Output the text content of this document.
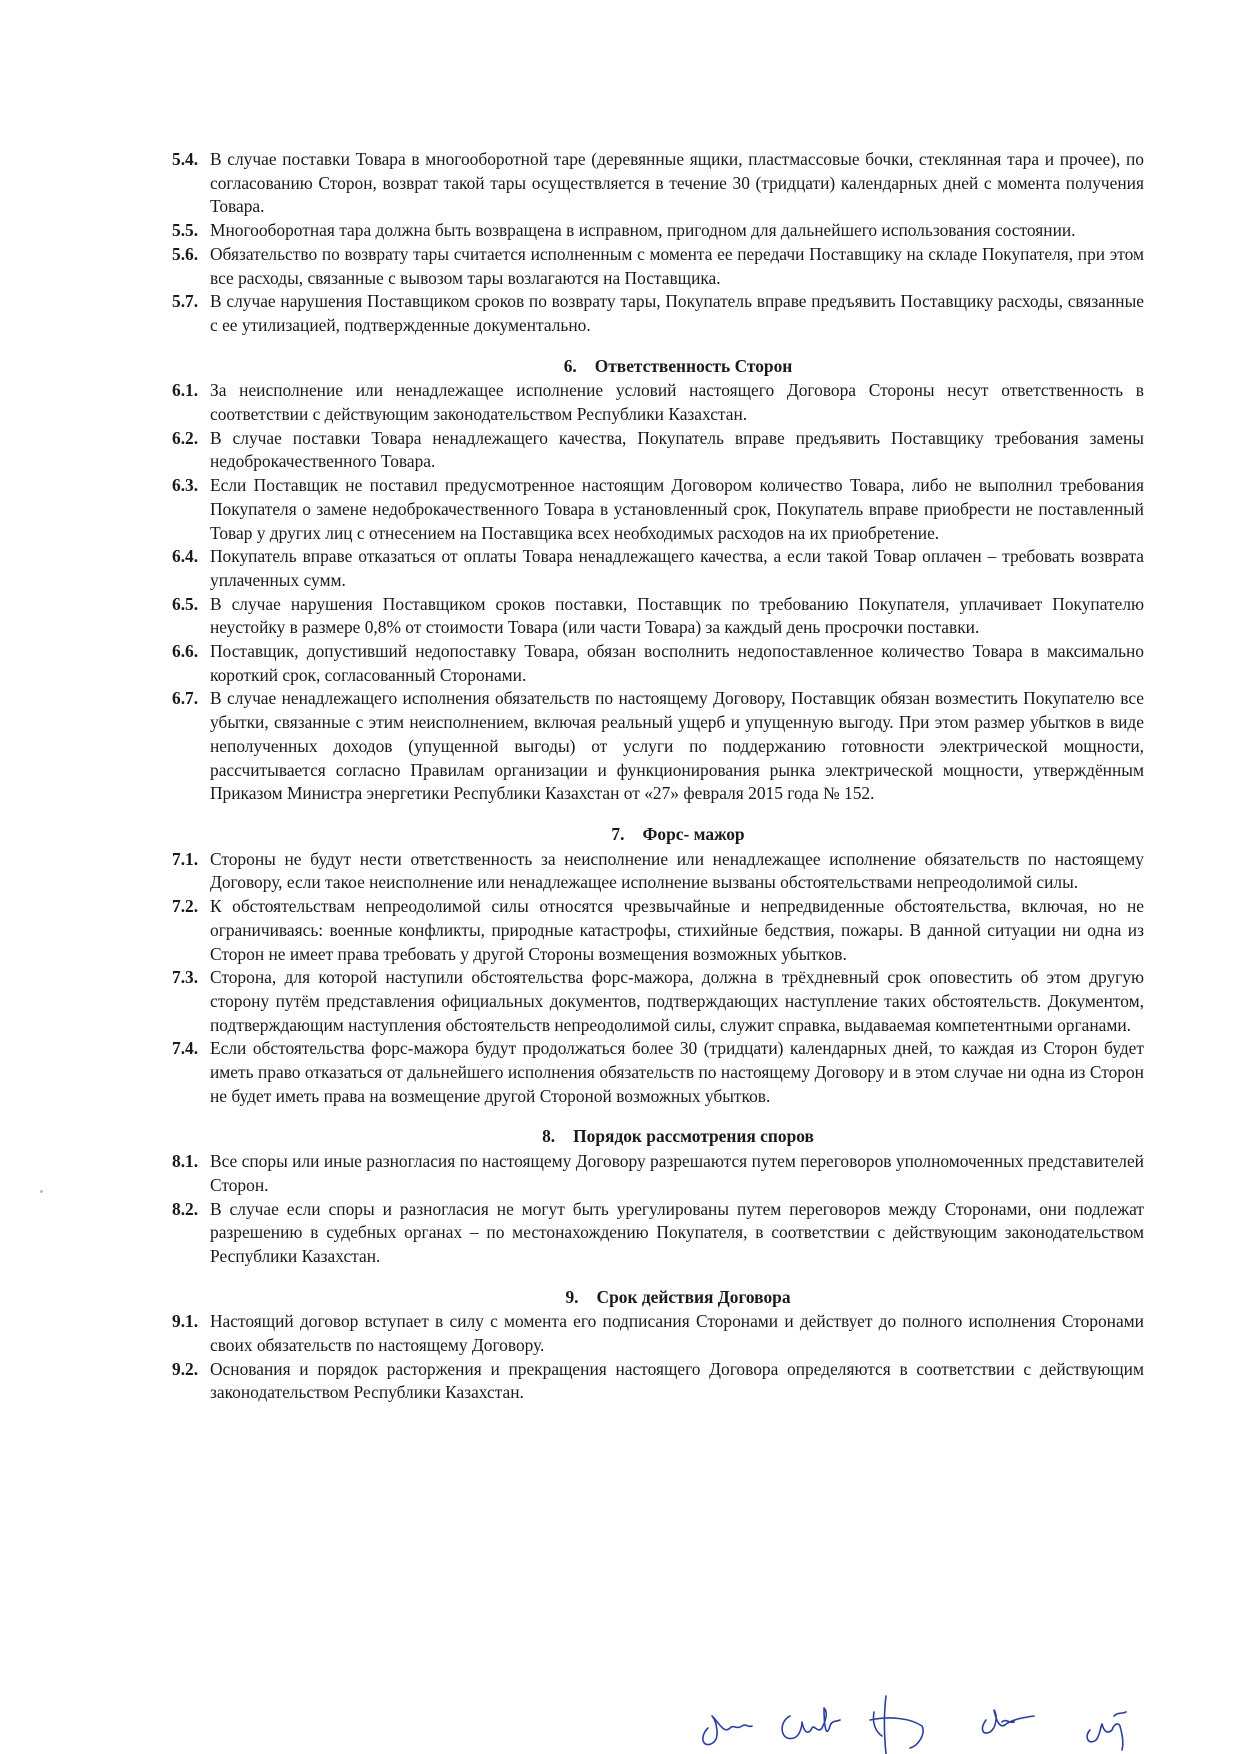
5.4. В случае поставки Товара в многооборотной таре (деревянные ящики, пластмассовые бочки, стеклянная тара и прочее), по согласованию Сторон, возврат такой тары осуществляется в течение 30 (тридцати) календарных дней с момента получения Товара.
5.5. Многооборотная тара должна быть возвращена в исправном, пригодном для дальнейшего использования состоянии.
5.6. Обязательство по возврату тары считается исполненным с момента ее передачи Поставщику на складе Покупателя, при этом все расходы, связанные с вывозом тары возлагаются на Поставщика.
5.7. В случае нарушения Поставщиком сроков по возврату тары, Покупатель вправе предъявить Поставщику расходы, связанные с ее утилизацией, подтвержденные документально.
6. Ответственность Сторон
6.1. За неисполнение или ненадлежащее исполнение условий настоящего Договора Стороны несут ответственность в соответствии с действующим законодательством Республики Казахстан.
6.2. В случае поставки Товара ненадлежащего качества, Покупатель вправе предъявить Поставщику требования замены недоброкачественного Товара.
6.3. Если Поставщик не поставил предусмотренное настоящим Договором количество Товара, либо не выполнил требования Покупателя о замене недоброкачественного Товара в установленный срок, Покупатель вправе приобрести не поставленный Товар у других лиц с отнесением на Поставщика всех необходимых расходов на их приобретение.
6.4. Покупатель вправе отказаться от оплаты Товара ненадлежащего качества, а если такой Товар оплачен – требовать возврата уплаченных сумм.
6.5. В случае нарушения Поставщиком сроков поставки, Поставщик по требованию Покупателя, уплачивает Покупателю неустойку в размере 0,8% от стоимости Товара (или части Товара) за каждый день просрочки поставки.
6.6. Поставщик, допустивший недопоставку Товара, обязан восполнить недопоставленное количество Товара в максимально короткий срок, согласованный Сторонами.
6.7. В случае ненадлежащего исполнения обязательств по настоящему Договору, Поставщик обязан возместить Покупателю все убытки, связанные с этим неисполнением, включая реальный ущерб и упущенную выгоду. При этом размер убытков в виде неполученных доходов (упущенной выгоды) от услуги по поддержанию готовности электрической мощности, рассчитывается согласно Правилам организации и функционирования рынка электрической мощности, утверждённым Приказом Министра энергетики Республики Казахстан от «27» февраля 2015 года № 152.
7. Форс- мажор
7.1. Стороны не будут нести ответственность за неисполнение или ненадлежащее исполнение обязательств по настоящему Договору, если такое неисполнение или ненадлежащее исполнение вызваны обстоятельствами непреодолимой силы.
7.2. К обстоятельствам непреодолимой силы относятся чрезвычайные и непредвиденные обстоятельства, включая, но не ограничиваясь: военные конфликты, природные катастрофы, стихийные бедствия, пожары. В данной ситуации ни одна из Сторон не имеет права требовать у другой Стороны возмещения возможных убытков.
7.3. Сторона, для которой наступили обстоятельства форс-мажора, должна в трёхдневный срок оповестить об этом другую сторону путём представления официальных документов, подтверждающих наступление таких обстоятельств. Документом, подтверждающим наступления обстоятельств непреодолимой силы, служит справка, выдаваемая компетентными органами.
7.4. Если обстоятельства форс-мажора будут продолжаться более 30 (тридцати) календарных дней, то каждая из Сторон будет иметь право отказаться от дальнейшего исполнения обязательств по настоящему Договору и в этом случае ни одна из Сторон не будет иметь права на возмещение другой Стороной возможных убытков.
8. Порядок рассмотрения споров
8.1. Все споры или иные разногласия по настоящему Договору разрешаются путем переговоров уполномоченных представителей Сторон.
8.2. В случае если споры и разногласия не могут быть урегулированы путем переговоров между Сторонами, они подлежат разрешению в судебных органах – по местонахождению Покупателя, в соответствии с действующим законодательством Республики Казахстан.
9. Срок действия Договора
9.1. Настоящий договор вступает в силу с момента его подписания Сторонами и действует до полного исполнения Сторонами своих обязательств по настоящему Договору.
9.2. Основания и порядок расторжения и прекращения настоящего Договора определяются в соответствии с действующим законодательством Республики Казахстан.
